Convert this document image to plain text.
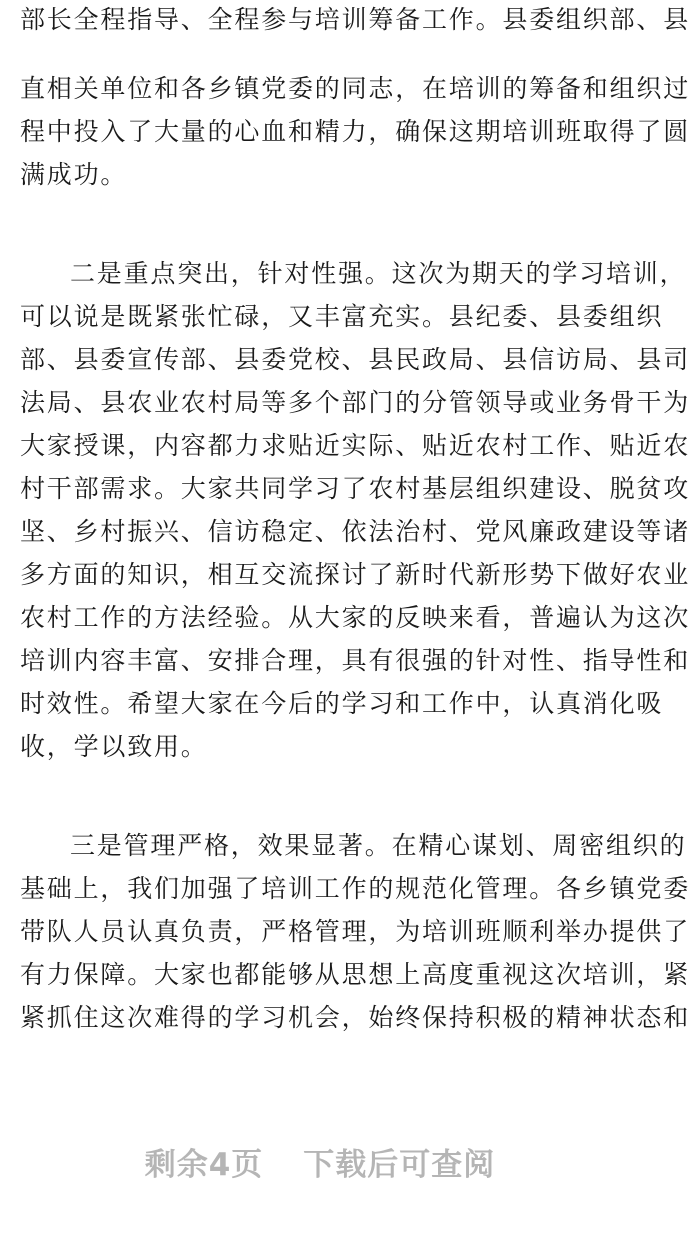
部长全程指导、全程参与培训筹备工作。县委组织部、县
直相关单位和各乡镇党委的同志，在培训的筹备和组织过
程中投入了大量的心血和精力，确保这期培训班取得了圆
满成功。
二是重点突出，针对性强。这次为期天的学习培训，
可以说是既紧张忙碌，又丰富充实。县纪委、县委组织
部、县委宣传部、县委党校、县民政局、县信访局、县司
法局、县农业农村局等多个部门的分管领导或业务骨干为
大家授课，内容都力求贴近实际、贴近农村工作、贴近农
村干部需求。大家共同学习了农村基层组织建设、脱贫攻
坚、乡村振兴、信访稳定、依法治村、党风廉政建设等诸
多方面的知识，相互交流探讨了新时代新形势下做好农业
农村工作的方法经验。从大家的反映来看，普遍认为这次
培训内容丰富、安排合理，具有很强的针对性、指导性和
时效性。希望大家在今后的学习和工作中，认真消化吸
收，学以致用。
三是管理严格，效果显著。在精心谋划、周密组织的
基础上，我们加强了培训工作的规范化管理。各乡镇党委
带队人员认真负责，严格管理，为培训班顺利举办提供了
有力保障。大家也都能够从思想上高度重视这次培训，紧
紧抓住这次难得的学习机会，始终保持积极的精神状态和
剩余4页 下载后可查阅
